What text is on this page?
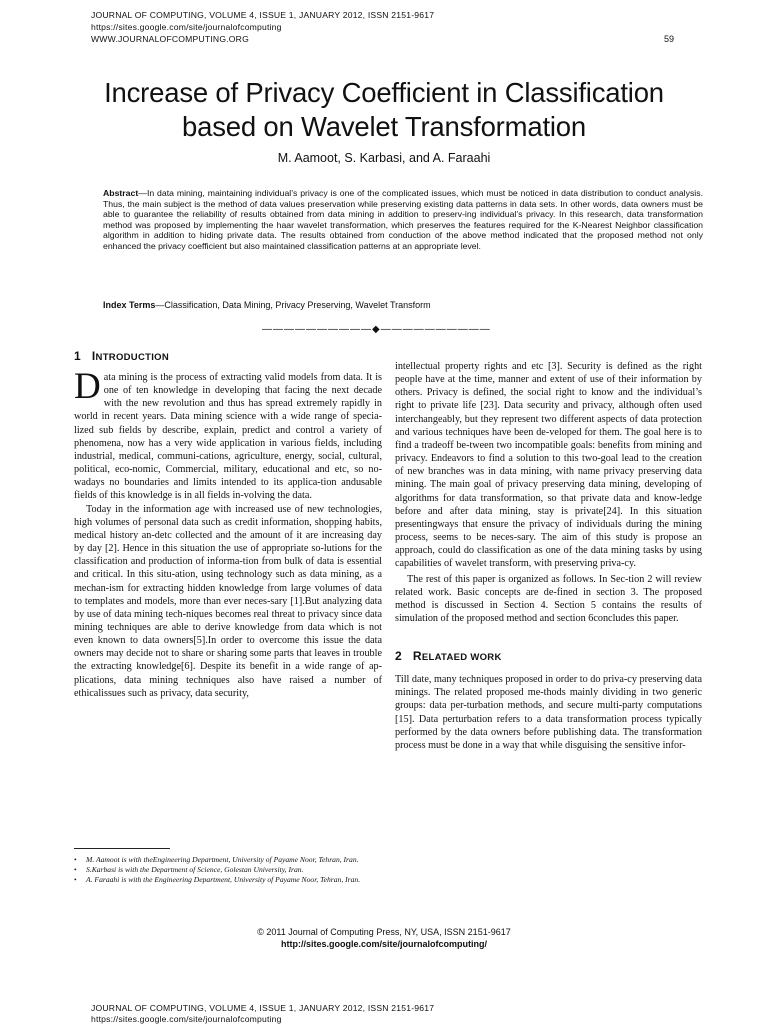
JOURNAL OF COMPUTING, VOLUME 4, ISSUE 1, JANUARY 2012, ISSN 2151-9617
https://sites.google.com/site/journalofcomputing
WWW.JOURNALOFCOMPUTING.ORG	59
Increase of Privacy Coefficient in Classification
based on Wavelet Transformation
M. Aamoot, S. Karbasi, and A. Faraahi
Abstract—In data mining, maintaining individual’s privacy is one of the complicated issues, which must be noticed in data distribution to conduct analysis. Thus, the main subject is the method of data values preservation while preserving existing data patterns in data sets. In other words, data owners must be able to guarantee the reliability of results obtained from data mining in addition to preserv-ing individual’s privacy. In this research, data transformation method was proposed by implementing the haar wavelet transformation, which preserves the features required for the K-Nearest Neighbor classification algorithm in addition to hiding private data. The results obtained from conduction of the above method indicated that the proposed method not only enhanced the privacy coefficient but also maintained classification patterns at an appropriate level.
Index Terms—Classification, Data Mining, Privacy Preserving, Wavelet Transform
——————————◆——————————
1 INTRODUCTION

Data mining is the process of extracting valid models from data. It is one of ten knowledge in developing that facing the next decade with the new revolution and thus has spread extremely rapidly in world in recent years. Data mining science with a wide range of specia-lized sub fields by describe, explain, predict and control a variety of phenomena, now has a very wide application in various fields, including industrial, medical, communi-cations, agriculture, energy, social, cultural, political, eco-nomic, Commercial, military, educational and etc, so no-wadays no boundaries and limits intended to its applica-tion andusable fields of this knowledge is in all fields in-volving the data.

Today in the information age with increased use of new technologies, high volumes of personal data such as credit information, shopping habits, medical history an-detc collected and the amount of it are increasing day by day [2]. Hence in this situation the use of appropriate so-lutions for the classification and production of informa-tion from bulk of data is essential and critical. In this situ-ation, using technology such as data mining, as a mechan-ism for extracting hidden knowledge from large volumes of data to templates and models, more than ever neces-sary [1].But analyzing data by use of data mining tech-niques becomes real threat to privacy since data mining techniques are able to derive knowledge from data which is not even known to data owners[5].In order to overcome this issue the data owners may decide not to share or sharing some parts that leaves in trouble the extracting knowledge[6]. Despite its benefit in a wide range of ap-plications, data mining techniques also have raised a number of ethicalissues such as privacy, data security,

• M. Aamoot is with theEngineering Department, University of Payame Noor, Tehran, Iran.
• S.Karbasi is with the Department of Science, Golestan University, Iran.
• A. Faraahi is with the Engineering Department, University of Payame Noor, Tehran, Iran.

intellectual property rights and etc [3]. Security is defined as the right people have at the time, manner and extent of use of their information by others. Privacy is defined, the social right to know and the individual’s right to private life [23]. Data security and privacy, although often used interchangeably, but they represent two different aspects of data protection and various techniques have been de-veloped for them. The goal here is to find a tradeoff be-tween two incompatible goals: benefits from mining and privacy. Endeavors to find a solution to this two-goal lead to the creation of new branches was in data mining, with name privacy preserving data mining. The main goal of privacy preserving data mining, developing of algorithms for data transformation, so that private data and know-ledge before and after data mining, stay is private[24]. In this situation presentingways that ensure the privacy of individuals during the mining process, seems to be neces-sary. The aim of this study is propose an approach, could do classification as one of the data mining tasks by using capabilities of wavelet transform, with preserving priva-cy.

The rest of this paper is organized as follows. In Sec-tion 2 will review related work. Basic concepts are de-fined in section 3. The proposed method is discussed in Section 4. Section 5 contains the results of simulation of the proposed method and section 6concludes this paper.

2 RELATAED WORK

Till date, many techniques proposed in order to do priva-cy preserving data minings. The related proposed me-thods mainly dividing in two generic groups: data per-turbation methods, and secure multi-party computations [15]. Data perturbation refers to a data transformation process typically performed by the data owners before publishing data. The transformation process must be done in a way that while disguising the sensitive infor-

© 2011 Journal of Computing Press, NY, USA, ISSN 2151-9617
http://sites.google.com/site/journalofcomputing/
JOURNAL OF COMPUTING, VOLUME 4, ISSUE 1, JANUARY 2012, ISSN 2151-9617
https://sites.google.com/site/journalofcomputing
